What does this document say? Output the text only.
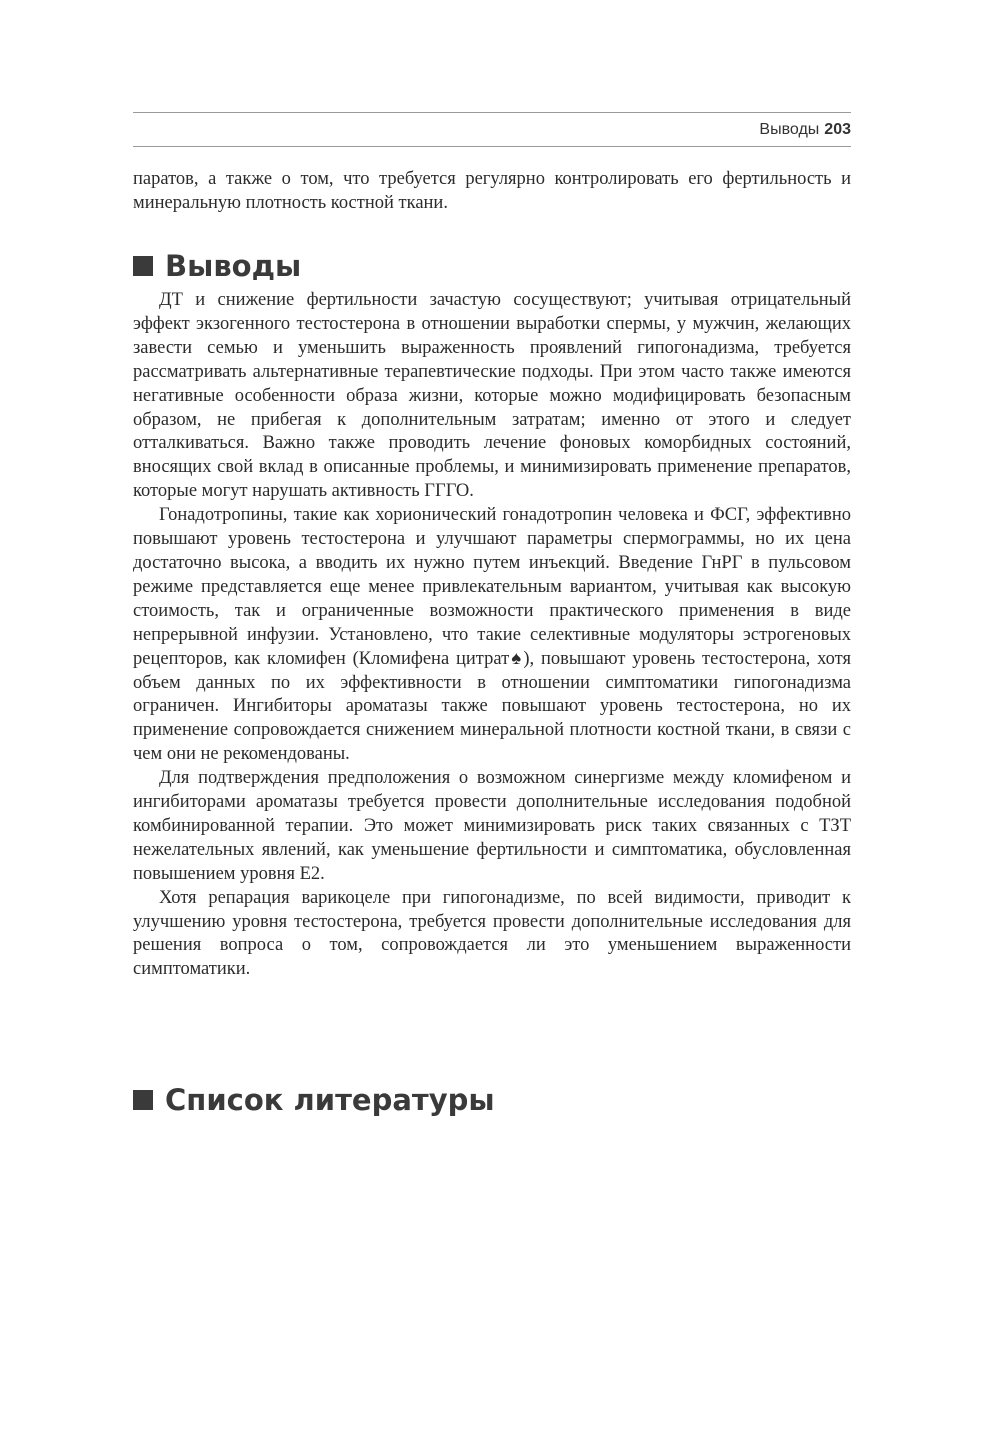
Выводы 203

паратов, а также о том, что требуется регулярно контролировать его фертильность и минеральную плотность костной ткани.

Выводы

ДТ и снижение фертильности зачастую сосуществуют; учитывая отрицательный эффект экзогенного тестостерона в отношении выработки спермы, у мужчин, желающих завести семью и уменьшить выраженность проявлений гипогонадизма, требуется рассматривать альтернативные терапевтические подходы. При этом часто также имеются негативные особенности образа жизни, которые можно модифицировать безопасным образом, не прибегая к дополнительным затратам; именно от этого и следует отталкиваться. Важно также проводить лечение фоновых коморбидных состояний, вносящих свой вклад в описанные проблемы, и минимизировать применение препаратов, которые могут нарушать активность ГГГО.

Гонадотропины, такие как хорионический гонадотропин человека и ФСГ, эффективно повышают уровень тестостерона и улучшают параметры спермограммы, но их цена достаточно высока, а вводить их нужно путем инъекций. Введение ГнРГ в пульсовом режиме представляется еще менее привлекательным вариантом, учитывая как высокую стоимость, так и ограниченные возможности практического применения в виде непрерывной инфузии. Установлено, что такие селективные модуляторы эстрогеновых рецепторов, как кломифен (Кломифена цитрат♠), повышают уровень тестостерона, хотя объем данных по их эффективности в отношении симптоматики гипогонадизма ограничен. Ингибиторы ароматазы также повышают уровень тестостерона, но их применение сопровождается снижением минеральной плотности костной ткани, в связи с чем они не рекомендованы.

Для подтверждения предположения о возможном синергизме между кломифеном и ингибиторами ароматазы требуется провести дополнительные исследования подобной комбинированной терапии. Это может минимизировать риск таких связанных с ТЗТ нежелательных явлений, как уменьшение фертильности и симптоматика, обусловленная повышением уровня Е2.

Хотя репарация варикоцеле при гипогонадизме, по всей видимости, приводит к улучшению уровня тестостерона, требуется провести дополнительные исследования для решения вопроса о том, сопровождается ли это уменьшением выраженности симптоматики.

Список литературы
